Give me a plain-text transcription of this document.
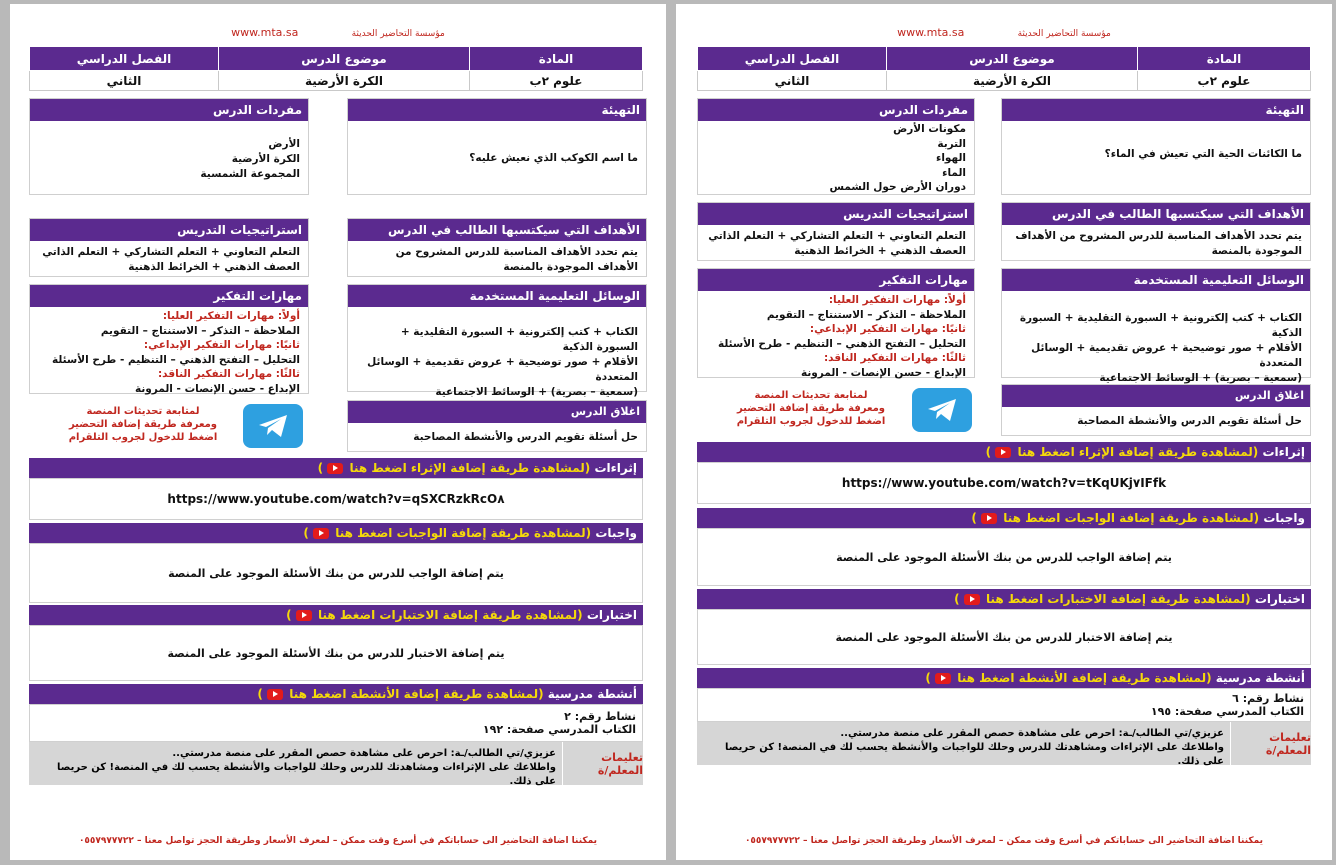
www.mta.sa	مؤسسة التحاضير الحديثة
المادة	موضوع الدرس	الفصل الدراسي
علوم ٢ب	الكرة الأرضية	الثاني
التهيئة
ما اسم الكوكب الذي نعيش عليه؟
مفردات الدرس
الأرض
الكرة الأرضية
المجموعة الشمسية
الأهداف التي سيكتسبها الطالب في الدرس
يتم تحدد الأهداف المناسبة للدرس المشروح من الأهداف الموجودة بالمنصة
استراتيجيات التدريس
التعلم التعاوني + التعلم التشاركي + التعلم الذاتي
العصف الذهني + الخرائط الذهنية
الوسائل التعليمية المستخدمة
الكتاب + كتب إلكترونية + السبورة التقليدية + السبورة الذكية
الأقلام + صور توضيحية + عروض تقديمية + الوسائل المتعددة
(سمعية – بصرية) + الوسائط الاجتماعية
مهارات التفكير
أولاً: مهارات التفكير العليا:
الملاحظة – التذكر – الاستنتاج – التقويم
ثانيًا: مهارات التفكير الإبداعي:
التحليل – التفتح الذهني – التنظيم - طرح الأسئلة
ثالثًا: مهارات التفكير الناقد:
الإبداع - حسن الإنصات - المرونة
اغلاق الدرس
حل أسئلة تقويم الدرس والأنشطة المصاحبة
لمتابعة تحديثات المنصة
ومعرفة طريقة إضافة التحضير
اضغط للدخول لجروب التلقرام
إثراءات (لمشاهدة طريقة إضافة الإثراء اضغط هنا  )
https://www.youtube.com/watch?v=qSXCRzkRcO٨
واجبات (لمشاهدة طريقة إضافة الواجبات اضغط هنا  )
يتم إضافة الواجب للدرس من بنك الأسئلة الموجود على المنصة
اختبارات (لمشاهدة طريقة إضافة الاختبارات اضغط هنا  )
يتم إضافة الاختبار للدرس من بنك الأسئلة الموجود على المنصة
أنشطة مدرسية (لمشاهدة طريقة إضافة الأنشطة اضغط هنا  )
نشاط رقم: ٢
الكتاب المدرسي صفحة: ١٩٢
تعليمات المعلم/ة
عزيزي/تي الطالب/ـة: احرص على مشاهدة حصص المقرر على منصة مدرستي..
واطلاعك على الإثراءات ومشاهدتك للدرس وحلك للواجبات والأنشطة يحسب لك في المنصة! كن حريصا على ذلك.
يمكننا اضافة التحاضير الى حساباتكم في أسرع وقت ممكن – لمعرف الأسعار وطريقة الحجز تواصل معنا – ٠٥٥٧٩٧٧٧٢٢
www.mta.sa	مؤسسة التحاضير الحديثة
المادة	موضوع الدرس	الفصل الدراسي
علوم ٢ب	الكرة الأرضية	الثاني
التهيئة
ما الكائنات الحية التي تعيش في الماء؟
مفردات الدرس
مكونات الأرض
التربة
الهواء
الماء
دوران الأرض حول الشمس
الأهداف التي سيكتسبها الطالب في الدرس
يتم تحدد الأهداف المناسبة للدرس المشروح من الأهداف الموجودة بالمنصة
استراتيجيات التدريس
التعلم التعاوني + التعلم التشاركي + التعلم الذاتي
العصف الذهني + الخرائط الذهنية
الوسائل التعليمية المستخدمة
الكتاب + كتب إلكترونية + السبورة التقليدية + السبورة الذكية
الأقلام + صور توضيحية + عروض تقديمية + الوسائل المتعددة
(سمعية – بصرية) + الوسائط الاجتماعية
مهارات التفكير
أولاً: مهارات التفكير العليا:
الملاحظة – التذكر – الاستنتاج – التقويم
ثانيًا: مهارات التفكير الإبداعي:
التحليل – التفتح الذهني – التنظيم - طرح الأسئلة
ثالثًا: مهارات التفكير الناقد:
الإبداع - حسن الإنصات - المرونة
اغلاق الدرس
حل أسئلة تقويم الدرس والأنشطة المصاحبة
لمتابعة تحديثات المنصة
ومعرفة طريقة إضافة التحضير
اضغط للدخول لجروب التلقرام
إثراءات (لمشاهدة طريقة إضافة الإثراء اضغط هنا  )
https://www.youtube.com/watch?v=tKqUKj٧IFfk
واجبات (لمشاهدة طريقة إضافة الواجبات اضغط هنا  )
يتم إضافة الواجب للدرس من بنك الأسئلة الموجود على المنصة
اختبارات (لمشاهدة طريقة إضافة الاختبارات اضغط هنا  )
يتم إضافة الاختبار للدرس من بنك الأسئلة الموجود على المنصة
أنشطة مدرسية (لمشاهدة طريقة إضافة الأنشطة اضغط هنا  )
نشاط رقم: ٦
الكتاب المدرسي صفحة: ١٩٥
تعليمات المعلم/ة
عزيزي/تي الطالب/ـة: احرص على مشاهدة حصص المقرر على منصة مدرستي..
واطلاعك على الإثراءات ومشاهدتك للدرس وحلك للواجبات والأنشطة يحسب لك في المنصة! كن حريصا على ذلك.
يمكننا اضافة التحاضير الى حساباتكم في أسرع وقت ممكن – لمعرف الأسعار وطريقة الحجز تواصل معنا – ٠٥٥٧٩٧٧٧٢٢
